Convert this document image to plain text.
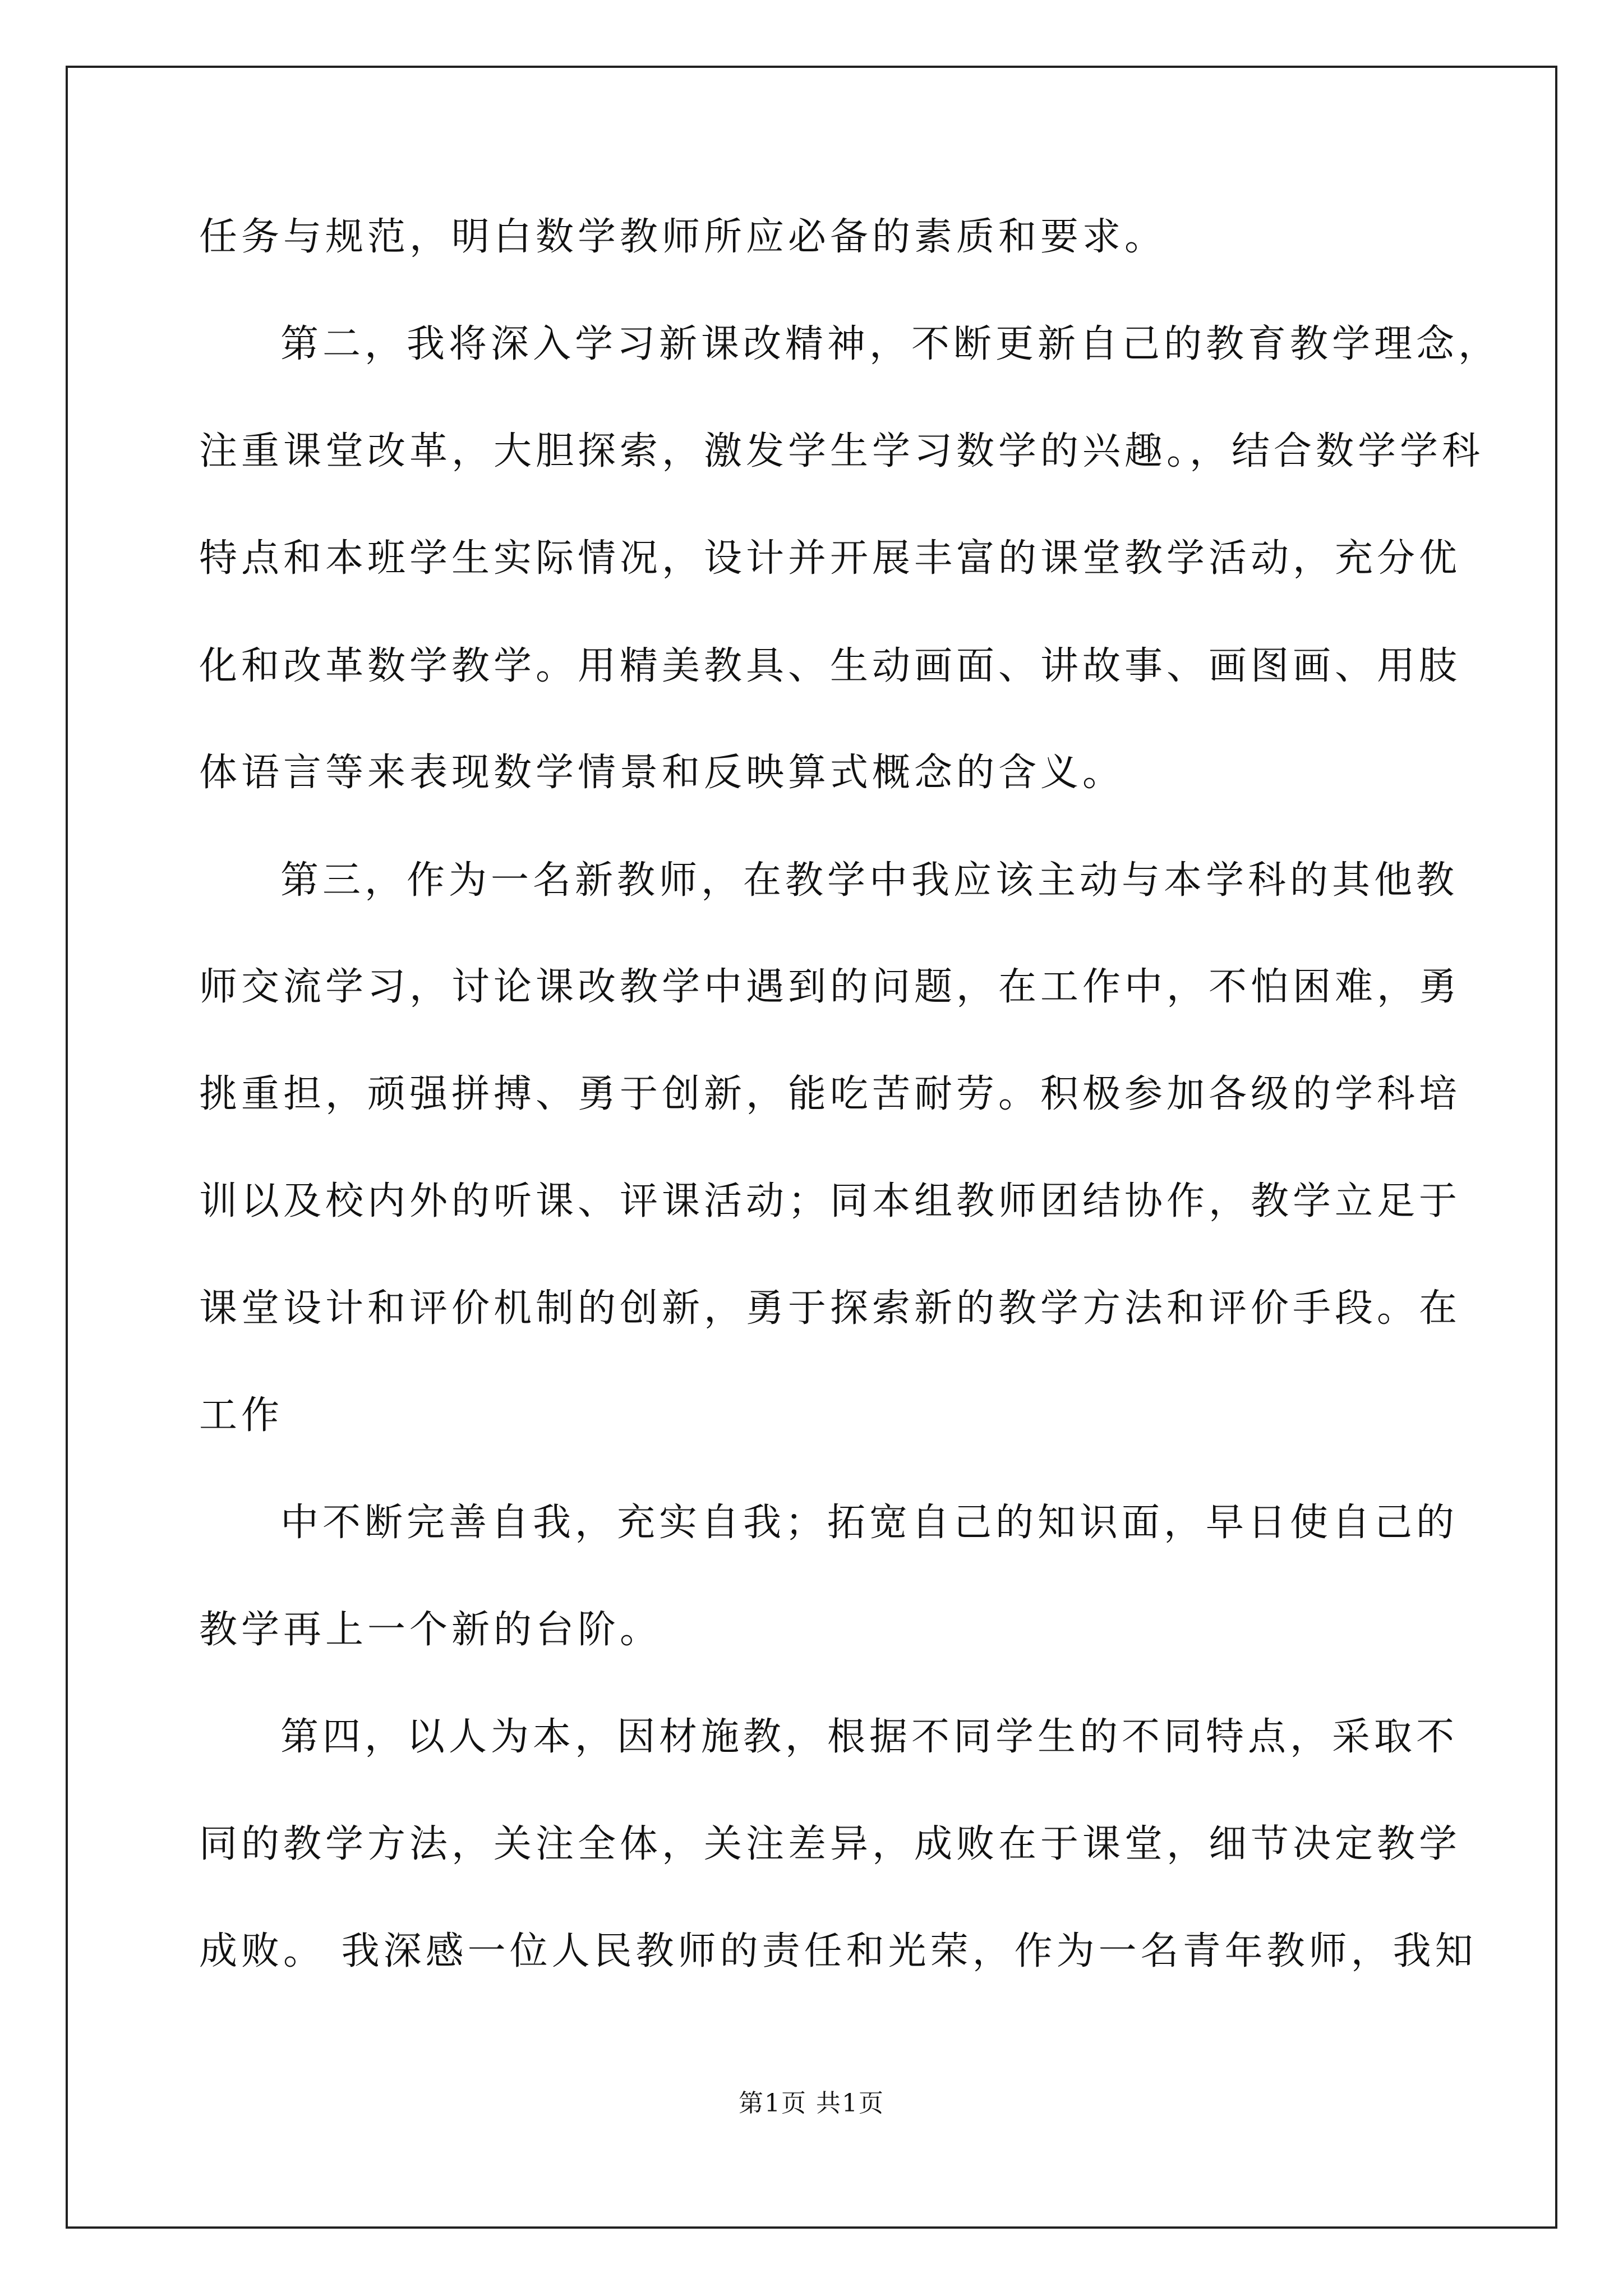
任务与规范，明白数学教师所应必备的素质和要求。
第二，我将深入学习新课改精神，不断更新自己的教育教学理念，
注重课堂改革，大胆探索，激发学生学习数学的兴趣。，结合数学学科
特点和本班学生实际情况，设计并开展丰富的课堂教学活动，充分优
化和改革数学教学。用精美教具、生动画面、讲故事、画图画、用肢
体语言等来表现数学情景和反映算式概念的含义。
第三，作为一名新教师，在教学中我应该主动与本学科的其他教
师交流学习，讨论课改教学中遇到的问题，在工作中，不怕困难，勇
挑重担，顽强拼搏、勇于创新，能吃苦耐劳。积极参加各级的学科培
训以及校内外的听课、评课活动；同本组教师团结协作，教学立足于
课堂设计和评价机制的创新，勇于探索新的教学方法和评价手段。在
工作
中不断完善自我，充实自我；拓宽自己的知识面，早日使自己的
教学再上一个新的台阶。
第四，以人为本，因材施教，根据不同学生的不同特点，采取不
同的教学方法，关注全体，关注差异，成败在于课堂，细节决定教学
成败。 我深感一位人民教师的责任和光荣，作为一名青年教师，我知
第1页 共1页
